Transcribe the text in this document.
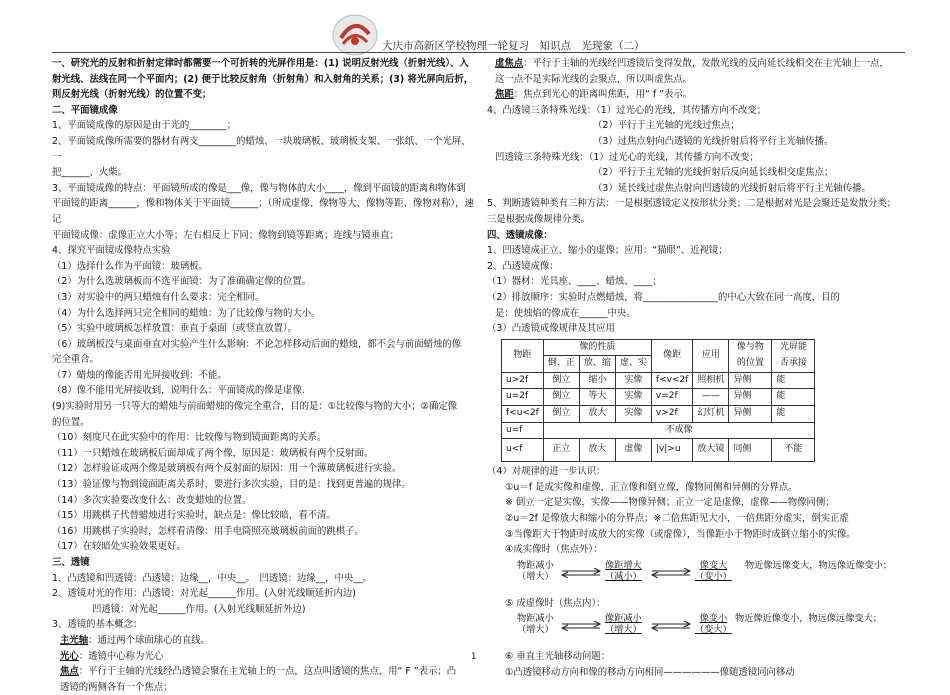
大庆市高新区学校物理一轮复习　知识点　光现象（二）

一、研究光的反射和折射定律时都需要一个可折转的光屏作用是：(1) 说明反射光线（折射光线）、入射光线、法线在同一个平面内；(2) 便于比较反射角（折射角）和入射角的关系；(3) 将光屏向后折，则反射光线（折射光线）的位置不变；

二、平面镜成像

1、平面镜成像的原因是由于光的________；

2、平面镜成像所需要的器材有两支________的蜡烛、一块玻璃板、玻璃板支架、一张纸、一个光屏、一

把______、火柴。

3、平面镜成像的特点：平面镜所成的像是___像，像与物体的大小____，像到平面镜的距离和物体到

平面镜的距离______，像和物体关于平面镜______；（所成虚像、像物等大、像物等距、像物对称），速记

平面镜成像：虚像正立大小等；左右相反上下同；像物到镜等距离；连线与镜垂直；

4、探究平面镜成像特点实验

（1）选择什么作为平面镜：玻璃板。

（2）为什么选玻璃板而不选平面镜：为了准确确定像的位置。

（3）对实验中的两只蜡烛有什么要求：完全相同。

（4）为什么选择两只完全相同的蜡烛：为了比较像与物的大小。

（5）实验中玻璃板怎样放置：垂直于桌面（或竖直放置）。

（6）玻璃板没与桌面垂直对实验产生什么影响：不论怎样移动后面的蜡烛，都不会与前面蜡烛的像

完全重合。

（7）蜡烛的像能否用光屏接收到：不能。

（8）像不能用光屏接收到，说明什么：平面镜成的像是虚像.

(9)实验时用另一只等大的蜡烛与前面蜡烛的像完全重合，目的是：①比较像与物的大小；②确定像

的位置。

（10）刻度尺在此实验中的作用：比较像与物到镜面距离的关系。

（11）一只蜡烛在玻璃板后面却成了两个像，原因是：玻璃板有两个反射面。

（12）怎样验证成两个像是玻璃板有两个反射面的原因：用一个薄玻璃板进行实验。

（13）验证像与物到镜面距离关系时，要进行多次实验，目的是：找到更普遍的规律。

（14）多次实验要改变什么：改变蜡烛的位置。

（15）用跳棋子代替蜡烛进行实验时，缺点是：像比较暗，看不清。

（16）用跳棋子实验时，怎样看清像：用手电筒照亮玻璃板前面的跳棋子。

（17）在较暗处实验效果更好。

三、透镜

1、凸透镜和凹透镜：凸透镜：边缘__，中央__。　凹透镜：边缘__，中央__。

2、透镜对光的作用：凸透镜：对光起______作用。(入射光线顺延折内边)

凹透镜：对光起______作用。(入射光线顺延折外边)

3、透镜的基本概念：

主光轴：通过两个球面球心的直线。

光心：透镜中心称为光心

焦点：平行于主轴的光线经凸透镜会聚在主光轴上的一点，这点叫透镜的焦点，用“ F ”表示；凸

透镜的两侧各有一个焦点；

虚焦点：平行于主轴的光线经凹透镜后变得发散，发散光线的反向延长线相交在主光轴上一点，

这一点不是实际光线的会聚点，所以叫虚焦点。

焦距：焦点到光心的距离叫焦距，用“ f ”表示。

4、凸透镜三条特殊光线：（1）过光心的光线，其传播方向不改变；

（2）平行于主光轴的光线过焦点；

（3）过焦点射向凸透镜的光线折射后将平行主光轴传播。

凹透镜三条特殊光线：（1）过光心的光线，其传播方向不改变；

（2）平行于主光轴的光线折射后反向延长线相交虚焦点；

（3）延长线过虚焦点射向凹透镜的光线折射后将平行主光轴传播。

5、判断透镜种类有三种方法：一是根据透镜定义按形状分类；二是根据对光是会聚还是发散分类；

三是根据成像规律分类。

四、透镜成像：

1、凹透镜成正立、缩小的虚像；应用：“猫眼”、近视镜；

2、凸透镜成像：

（1）器材：光具座、____、蜡烛、____；

（2）排放顺序：实验时点燃蜡烛，将________________的中心大致在同一高度，目的

是：使烛焰的像成在______中央。

（3）凸透镜成像规律及其应用

物距	像的性质			像距	应用	像与物的位置	光屏能否承接
	倒、正	放、缩	虚、实				
u>2f	倒立	缩小	实像	f<v<2f	照相机	异侧	能
u=2f	倒立	等大	实像	v=2f	——	异侧	能
f<u<2f	倒立	放大	实像	v>2f	幻灯机	异侧	能
u=f	不成像						
u<f	正立	放大	虚像	|v|>u	放大镜	同侧	不能

（4）对规律的进一步认识：

①u＝f 是成实像和虚像，正立像和倒立像，像物同侧和异侧的分界点。

※ 倒立一定是实像，实像——物像异侧；正立一定是虚像，虚像——物像同侧；

②u＝2f 是像放大和缩小的分界点；※二倍焦距见大小，一倍焦距分虚实，倒实正虚

③当像距大于物距时成放大的实像（或虚像），当像距小于物距时成倒立缩小的实像。

④成实像时（焦点外）：

物距减小
（增大）
像距增大
（减小）
像变大
（变小）
物近像远像变大，物远像近像变小；

⑤ 成虚像时（焦点内）：

物距减小
（增大）
像距减小
（增大）
像变小
（变大）
物近像近像变小，物远像远像变大；

⑥ 垂直主光轴移动问题：

①凸透镜移动方向和像的移动方向相同——————像随透镜同向移动

1
